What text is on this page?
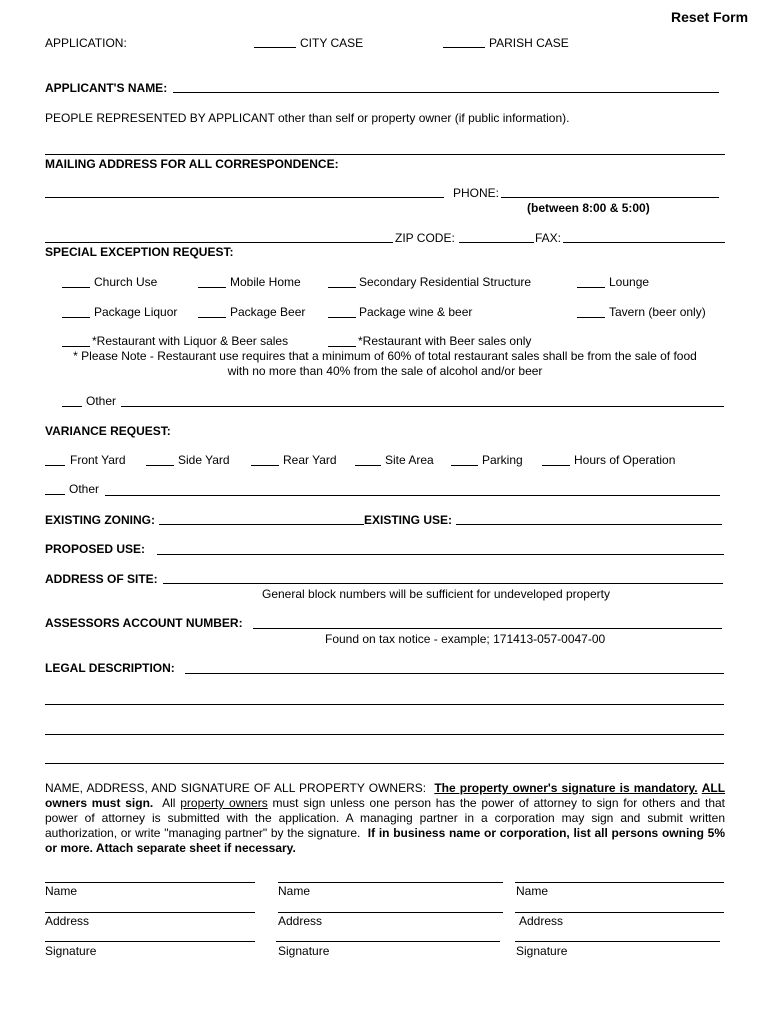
Reset Form
APPLICATION:	CITY CASE	PARISH CASE
APPLICANT'S NAME:
PEOPLE REPRESENTED BY APPLICANT other than self or property owner (if public information).
MAILING ADDRESS FOR ALL CORRESPONDENCE:
PHONE:
(between 8:00 & 5:00)
ZIP CODE:	FAX:
SPECIAL EXCEPTION REQUEST:
Church Use	Mobile Home	Secondary Residential Structure	Lounge
Package Liquor	Package Beer	Package wine & beer	Tavern (beer only)
*Restaurant with Liquor & Beer sales	*Restaurant with Beer sales only
* Please Note - Restaurant use requires that a minimum of 60% of total restaurant sales shall be from the sale of food
with no more than 40% from the sale of alcohol and/or beer
Other
VARIANCE REQUEST:
Front Yard	Side Yard	Rear Yard	Site Area	Parking	Hours of Operation
Other
EXISTING ZONING:	EXISTING USE:
PROPOSED USE:
ADDRESS OF SITE:
General block numbers will be sufficient for undeveloped property
ASSESSORS ACCOUNT NUMBER:
Found on tax notice - example; 171413-057-0047-00
LEGAL DESCRIPTION:
NAME, ADDRESS, AND SIGNATURE OF ALL PROPERTY OWNERS: The property owner's signature is mandatory. ALL owners must sign. All property owners must sign unless one person has the power of attorney to sign for others and that power of attorney is submitted with the application. A managing partner in a corporation may sign and submit written authorization, or write "managing partner" by the signature. If in business name or corporation, list all persons owning 5% or more. Attach separate sheet if necessary.
Name	Name	Name
Address	Address	Address
Signature	Signature	Signature
